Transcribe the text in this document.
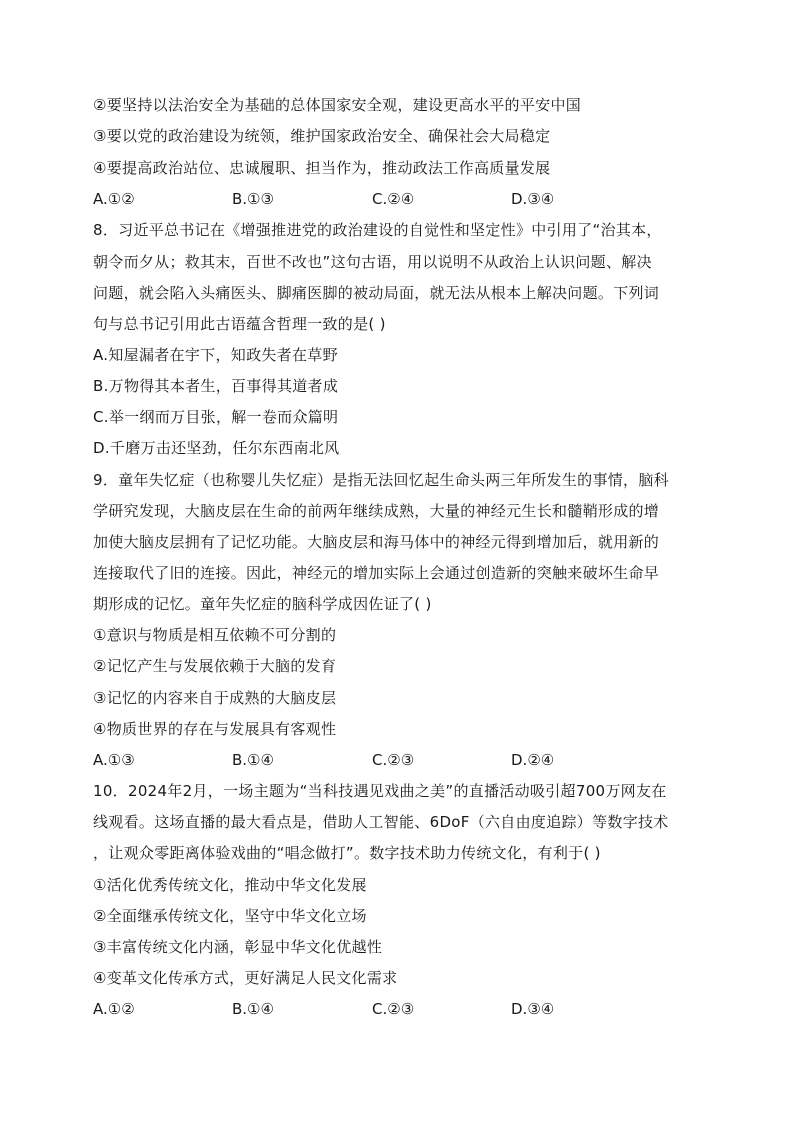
②要坚持以法治安全为基础的总体国家安全观，建设更高水平的平安中国
③要以党的政治建设为统领，维护国家政治安全、确保社会大局稳定
④要提高政治站位、忠诚履职、担当作为，推动政法工作高质量发展
A.①②	B.①③	C.②④	D.③④
8．习近平总书记在《增强推进党的政治建设的自觉性和坚定性》中引用了“治其本，
朝令而夕从；救其末，百世不改也”这句古语，用以说明不从政治上认识问题、解决
问题，就会陷入头痛医头、脚痛医脚的被动局面，就无法从根本上解决问题。下列词
句与总书记引用此古语蕴含哲理一致的是( )
A.知屋漏者在宇下，知政失者在草野
B.万物得其本者生，百事得其道者成
C.举一纲而万目张，解一卷而众篇明
D.千磨万击还坚劲，任尔东西南北风
9．童年失忆症（也称婴儿失忆症）是指无法回忆起生命头两三年所发生的事情，脑科
学研究发现，大脑皮层在生命的前两年继续成熟，大量的神经元生长和髓鞘形成的增
加使大脑皮层拥有了记忆功能。大脑皮层和海马体中的神经元得到增加后，就用新的
连接取代了旧的连接。因此，神经元的增加实际上会通过创造新的突触来破坏生命早
期形成的记忆。童年失忆症的脑科学成因佐证了( )
①意识与物质是相互依赖不可分割的
②记忆产生与发展依赖于大脑的发育
③记忆的内容来自于成熟的大脑皮层
④物质世界的存在与发展具有客观性
A.①③	B.①④	C.②③	D.②④
10．2024年2月，一场主题为“当科技遇见戏曲之美”的直播活动吸引超700万网友在
线观看。这场直播的最大看点是，借助人工智能、6DoF（六自由度追踪）等数字技术
，让观众零距离体验戏曲的“唱念做打”。数字技术助力传统文化，有利于( )
①活化优秀传统文化，推动中华文化发展
②全面继承传统文化，坚守中华文化立场
③丰富传统文化内涵，彰显中华文化优越性
④变革文化传承方式，更好满足人民文化需求
A.①②	B.①④	C.②③	D.③④
